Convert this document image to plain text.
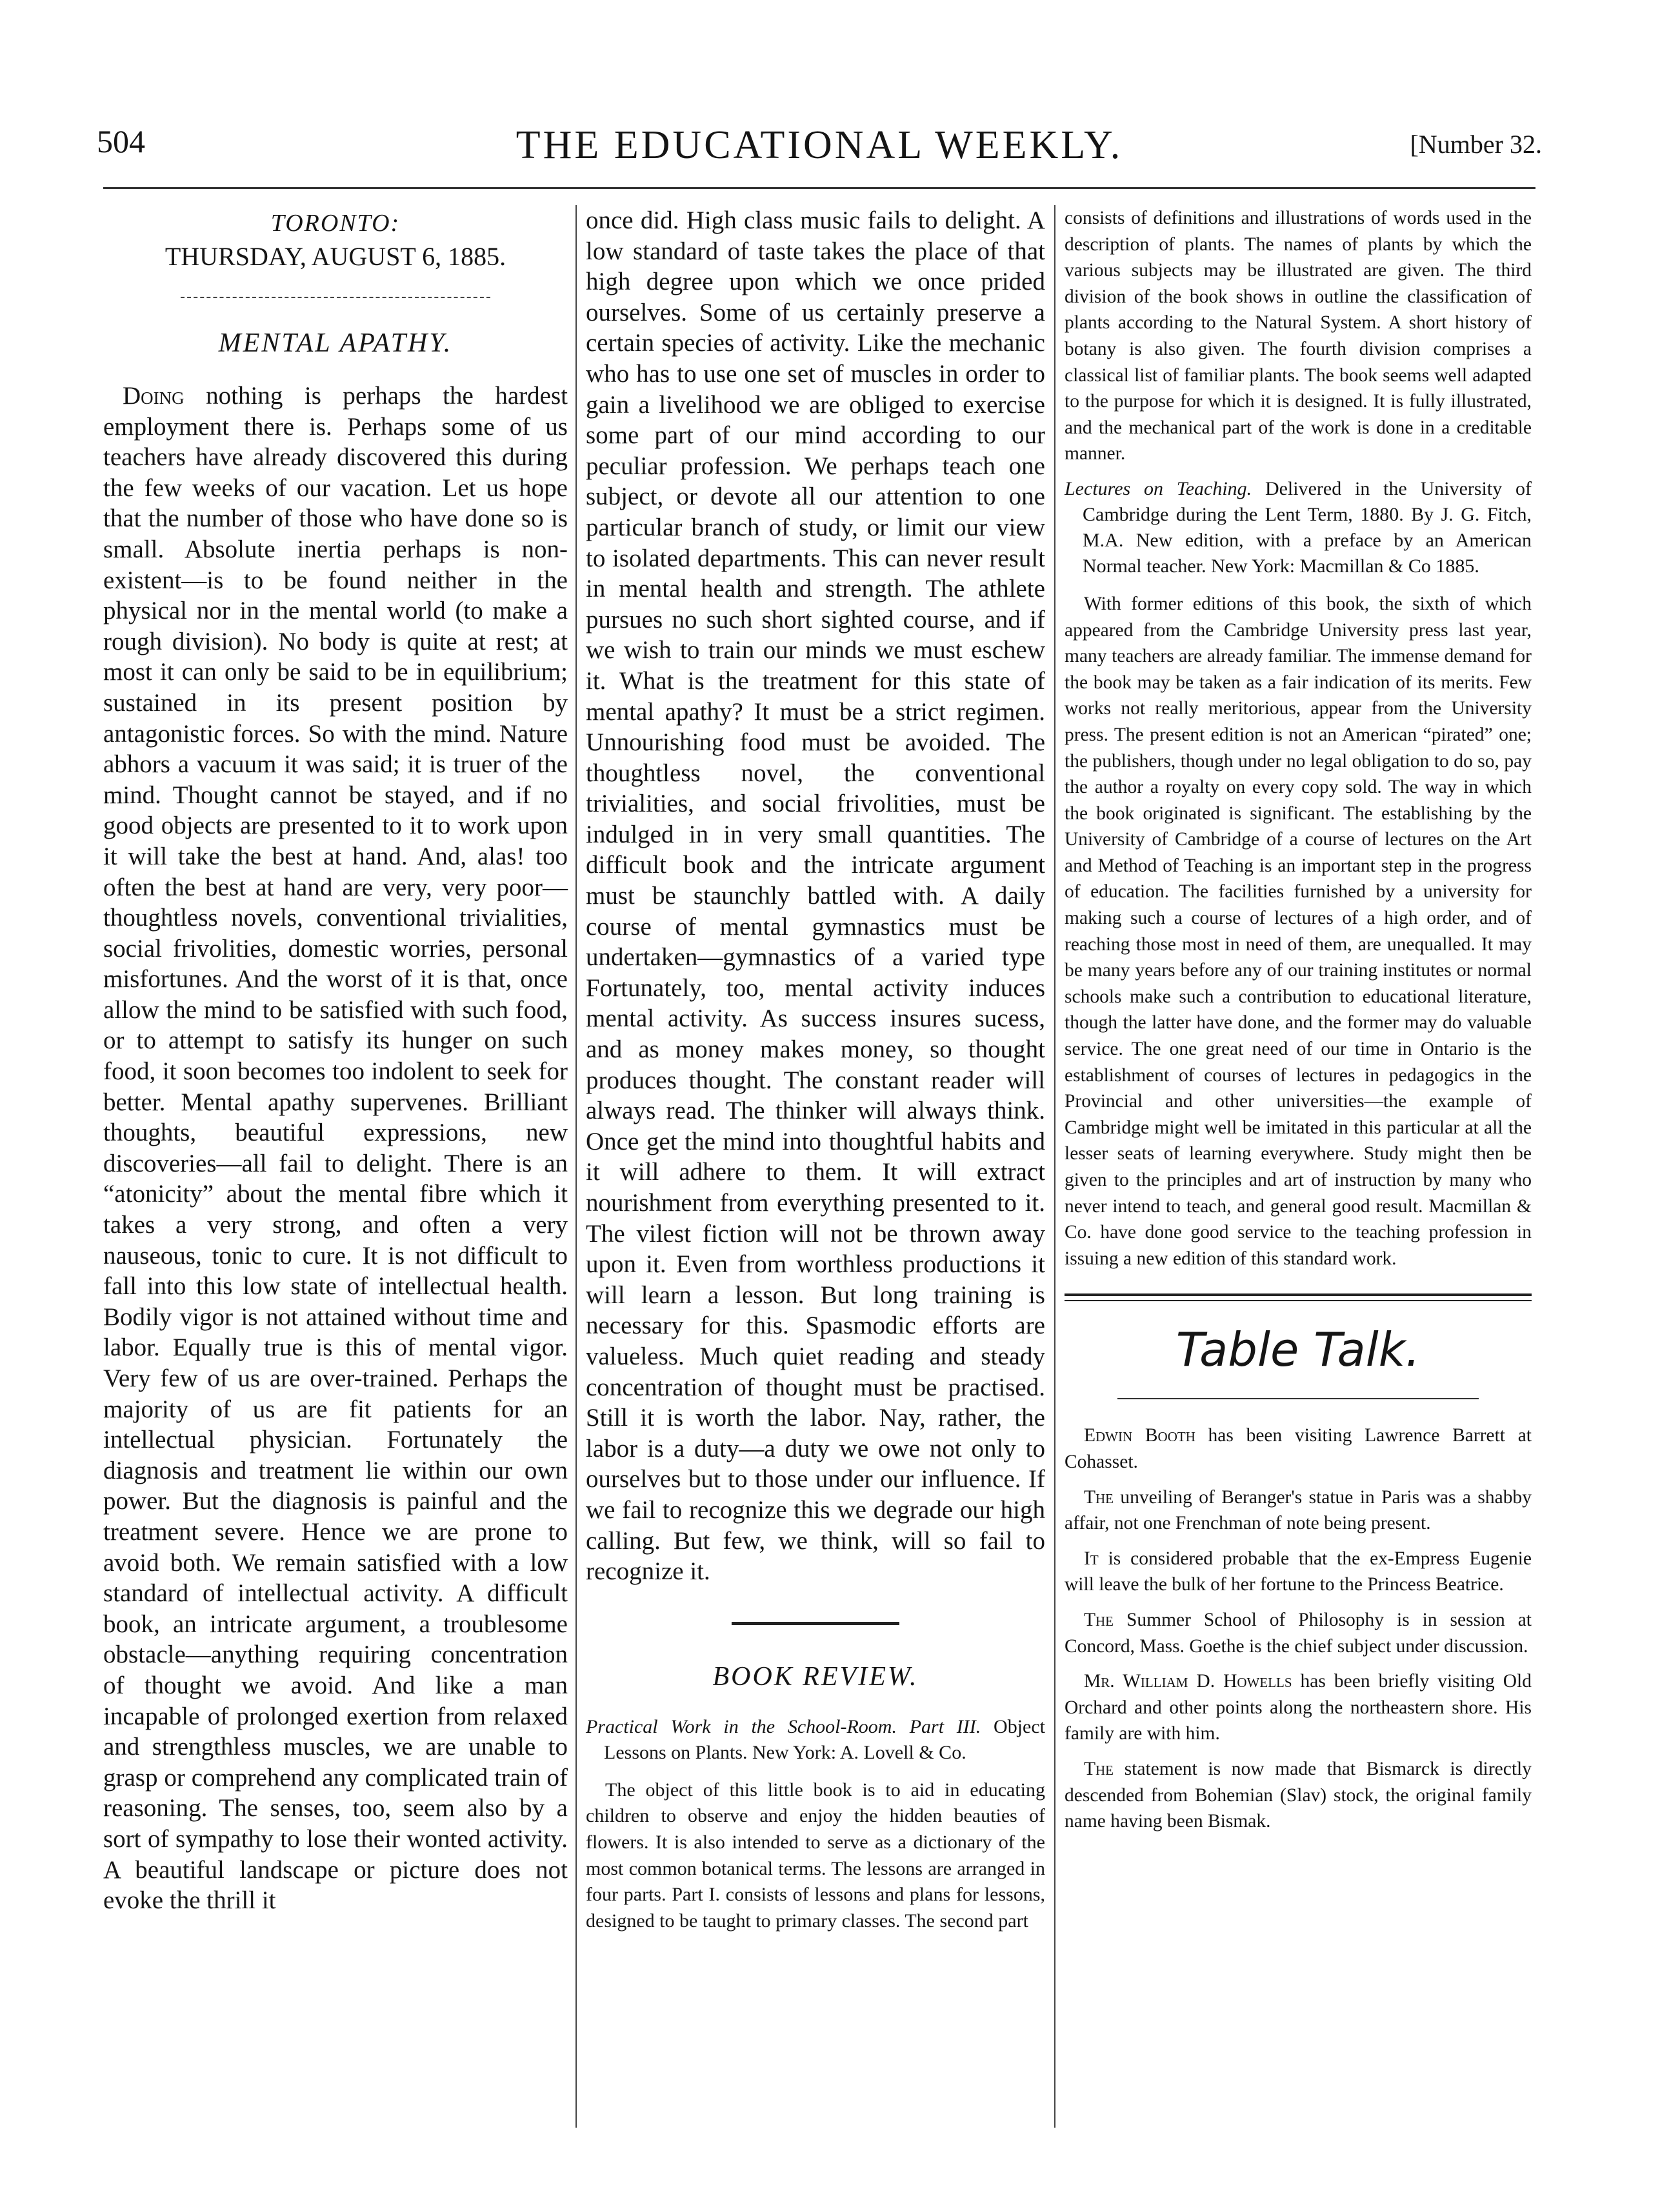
THE EDUCATIONAL WEEKLY.
504	[Number 32.
TORONTO:
THURSDAY, AUGUST 6, 1885.
MENTAL APATHY.

Doing nothing is perhaps the hardest employment there is. Perhaps some of us teachers have already discovered this during the few weeks of our vacation. Let us hope that the number of those who have done so is small. Absolute inertia perhaps is non-existent—is to be found neither in the physical nor in the mental world (to make a rough division). No body is quite at rest; at most it can only be said to be in equilibrium; sustained in its present position by antagonistic forces. So with the mind. Nature abhors a vacuum it was said; it is truer of the mind. Thought cannot be stayed, and if no good objects are presented to it to work upon it will take the best at hand. And, alas! too often the best at hand are very, very poor—thoughtless novels, conventional trivialities, social frivolities, domestic worries, personal misfortunes. And the worst of it is that, once allow the mind to be satisfied with such food, or to attempt to satisfy its hunger on such food, it soon becomes too indolent to seek for better. Mental apathy supervenes. Brilliant thoughts, beautiful expressions, new discoveries—all fail to delight. There is an “atonicity” about the mental fibre which it takes a very strong, and often a very nauseous, tonic to cure. It is not difficult to fall into this low state of intellectual health. Bodily vigor is not attained without time and labor. Equally true is this of mental vigor. Very few of us are over-trained. Perhaps the majority of us are fit patients for an intellectual physician. Fortunately the diagnosis and treatment lie within our own power. But the diagnosis is painful and the treatment severe. Hence we are prone to avoid both. We remain satisfied with a low standard of intellectual activity. A difficult book, an intricate argument, a troublesome obstacle—anything requiring concentration of thought we avoid. And like a man incapable of prolonged exertion from relaxed and strengthless muscles, we are unable to grasp or comprehend any complicated train of reasoning. The senses, too, seem also by a sort of sympathy to lose their wonted activity. A beautiful landscape or picture does not evoke the thrill it

once did. High class music fails to delight. A low standard of taste takes the place of that high degree upon which we once prided ourselves. Some of us certainly preserve a certain species of activity. Like the mechanic who has to use one set of muscles in order to gain a livelihood we are obliged to exercise some part of our mind according to our peculiar profession. We perhaps teach one subject, or devote all our attention to one particular branch of study, or limit our view to isolated departments. This can never result in mental health and strength. The athlete pursues no such short sighted course, and if we wish to train our minds we must eschew it. What is the treatment for this state of mental apathy? It must be a strict regimen. Unnourishing food must be avoided. The thoughtless novel, the conventional trivialities, and social frivolities, must be indulged in in very small quantities. The difficult book and the intricate argument must be staunchly battled with. A daily course of mental gymnastics must be undertaken—gymnastics of a varied type Fortunately, too, mental activity induces mental activity. As success insures sucess, and as money makes money, so thought produces thought. The constant reader will always read. The thinker will always think. Once get the mind into thoughtful habits and it will adhere to them. It will extract nourishment from everything presented to it. The vilest fiction will not be thrown away upon it. Even from worthless productions it will learn a lesson. But long training is necessary for this. Spasmodic efforts are valueless. Much quiet reading and steady concentration of thought must be practised. Still it is worth the labor. Nay, rather, the labor is a duty—a duty we owe not only to ourselves but to those under our influence. If we fail to recognize this we degrade our high calling. But few, we think, will so fail to recognize it.

BOOK REVIEW.
Practical Work in the School-Room. Part III. Object Lessons on Plants. New York: A. Lovell & Co.

The object of this little book is to aid in educating children to observe and enjoy the hidden beauties of flowers. It is also intended to serve as a dictionary of the most common botanical terms. The lessons are arranged in four parts. Part I. consists of lessons and plans for lessons, designed to be taught to primary classes. The second part

consists of definitions and illustrations of words used in the description of plants. The names of plants by which the various subjects may be illustrated are given. The third division of the book shows in outline the classification of plants according to the Natural System. A short history of botany is also given. The fourth division comprises a classical list of familiar plants. The book seems well adapted to the purpose for which it is designed. It is fully illustrated, and the mechanical part of the work is done in a creditable manner.

Lectures on Teaching. Delivered in the University of Cambridge during the Lent Term, 1880. By J. G. Fitch, M.A. New edition, with a preface by an American Normal teacher. New York: Macmillan & Co 1885.

With former editions of this book, the sixth of which appeared from the Cambridge University press last year, many teachers are already familiar. The immense demand for the book may be taken as a fair indication of its merits. Few works not really meritorious, appear from the University press. The present edition is not an American “pirated” one; the publishers, though under no legal obligation to do so, pay the author a royalty on every copy sold. The way in which the book originated is significant. The establishing by the University of Cambridge of a course of lectures on the Art and Method of Teaching is an important step in the progress of education. The facilities furnished by a university for making such a course of lectures of a high order, and of reaching those most in need of them, are unequalled. It may be many years before any of our training institutes or normal schools make such a contribution to educational literature, though the latter have done, and the former may do valuable service. The one great need of our time in Ontario is the establishment of courses of lectures in pedagogics in the Provincial and other universities—the example of Cambridge might well be imitated in this particular at all the lesser seats of learning everywhere. Study might then be given to the principles and art of instruction by many who never intend to teach, and general good result. Macmillan & Co. have done good service to the teaching profession in issuing a new edition of this standard work.

Table Talk.

Edwin Booth has been visiting Lawrence Barrett at Cohasset.

The unveiling of Beranger's statue in Paris was a shabby affair, not one Frenchman of note being present.

It is considered probable that the ex-Empress Eugenie will leave the bulk of her fortune to the Princess Beatrice.

The Summer School of Philosophy is in session at Concord, Mass. Goethe is the chief subject under discussion.

Mr. William D. Howells has been briefly visiting Old Orchard and other points along the northeastern shore. His family are with him.

The statement is now made that Bismarck is directly descended from Bohemian (Slav) stock, the original family name having been Bismak.
